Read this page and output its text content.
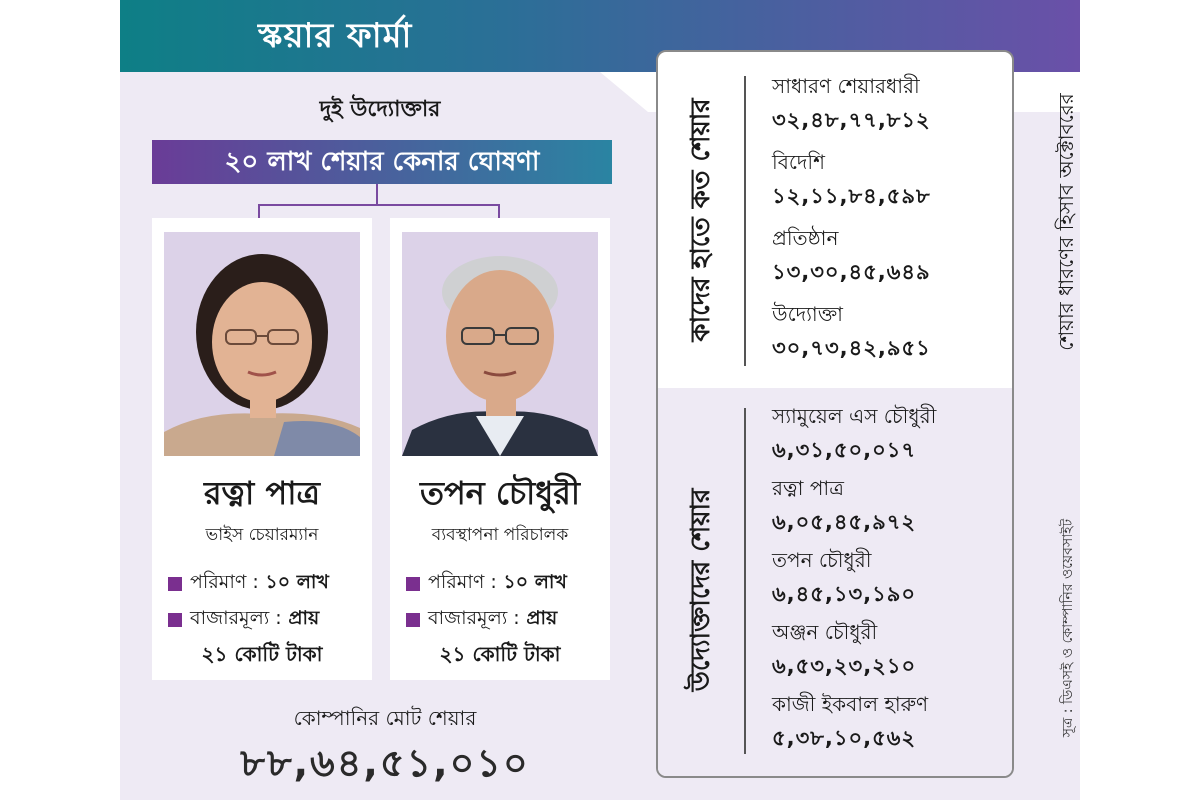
স্কয়ার ফার্মা
দুই উদ্যোক্তার
২০ লাখ শেয়ার কেনার ঘোষণা
রত্না পাত্র
ভাইস চেয়ারম্যান
পরিমাণ :
১০ লাখ
বাজারমূল্য :
প্রায়
২১ কোটি টাকা
তপন চৌধুরী
ব্যবস্থাপনা পরিচালক
পরিমাণ :
১০ লাখ
বাজারমূল্য :
প্রায়
২১ কোটি টাকা
কোম্পানির মোট শেয়ার
৮৮,৬৪,৫১,০১০
কাদের হাতে কত শেয়ার
সাধারণ শেয়ারধারী
৩২,৪৮,৭৭,৮১২
বিদেশি
১২,১১,৮৪,৫৯৮
প্রতিষ্ঠান
১৩,৩০,৪৫,৬৪৯
উদ্যোক্তা
৩০,৭৩,৪২,৯৫১
উদ্যোক্তাদের শেয়ার
স্যামুয়েল এস চৌধুরী
৬,৩১,৫০,০১৭
রত্না পাত্র
৬,০৫,৪৫,৯৭২
তপন চৌধুরী
৬,৪৫,১৩,১৯০
অঞ্জন চৌধুরী
৬,৫৩,২৩,২১০
কাজী ইকবাল হারুণ
৫,৩৮,১০,৫৬২
শেয়ার ধারণের হিসাব অক্টোবরের
সূত্র : ডিএসই ও কোম্পানির ওয়েবসাইট
